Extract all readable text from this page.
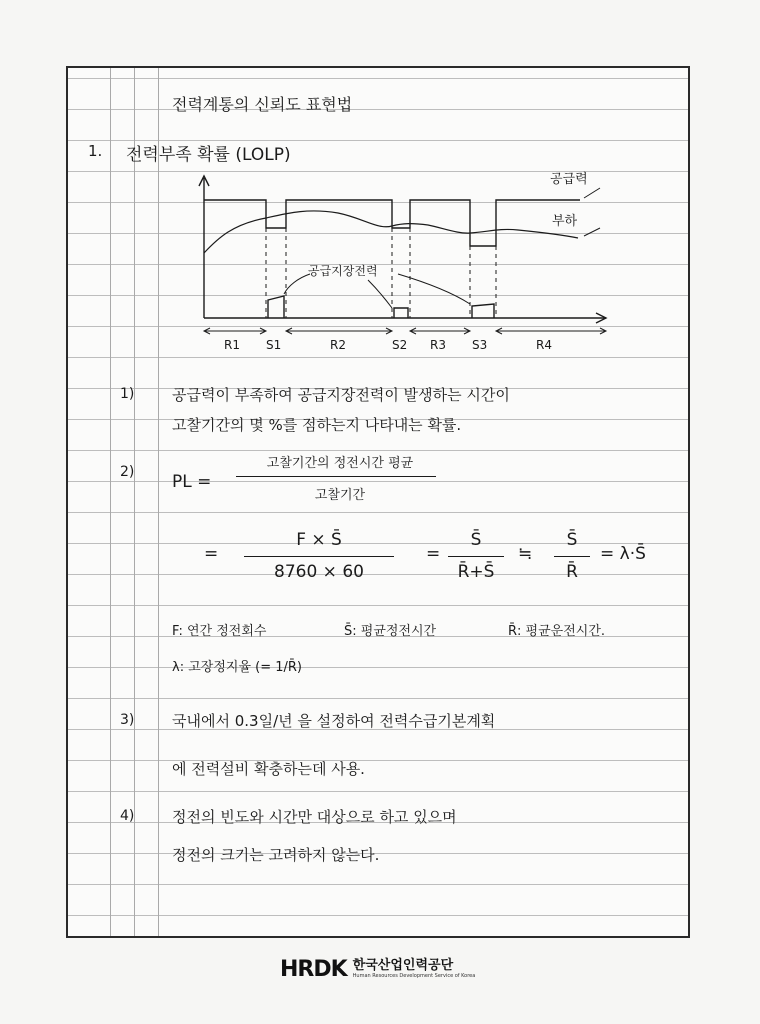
전력계통의 신뢰도 표현법
1. 전력부족 확률 (LOLP)
공급력
부하
공급지장전력
R1 S1	R2	S2 R3 S3	R4
1)	공급력이 부족하여 공급지장전력이 발생하는 시간이
고찰기간의 몇 %를 점하는지 나타내는 확률.
2) PL =
고찰기간의 정전시간 평균
고찰기간
=
F × S̄
8760 × 60
=
S̄
R̄+S̄
≒
S̄
R̄
= λ·S̄
F: 연간 정전회수	S̄: 평균정전시간	R̄: 평균운전시간.
λ: 고장정지율 (= 1/R̄)
3)	국내에서 0.3일/년 을 설정하여 전력수급기본계획
에 전력설비 확충하는데 사용.
4)	정전의 빈도와 시간만 대상으로 하고 있으며
정전의 크기는 고려하지 않는다.
HRDK 한국산업인력공단
Human Resources Development Service of Korea
